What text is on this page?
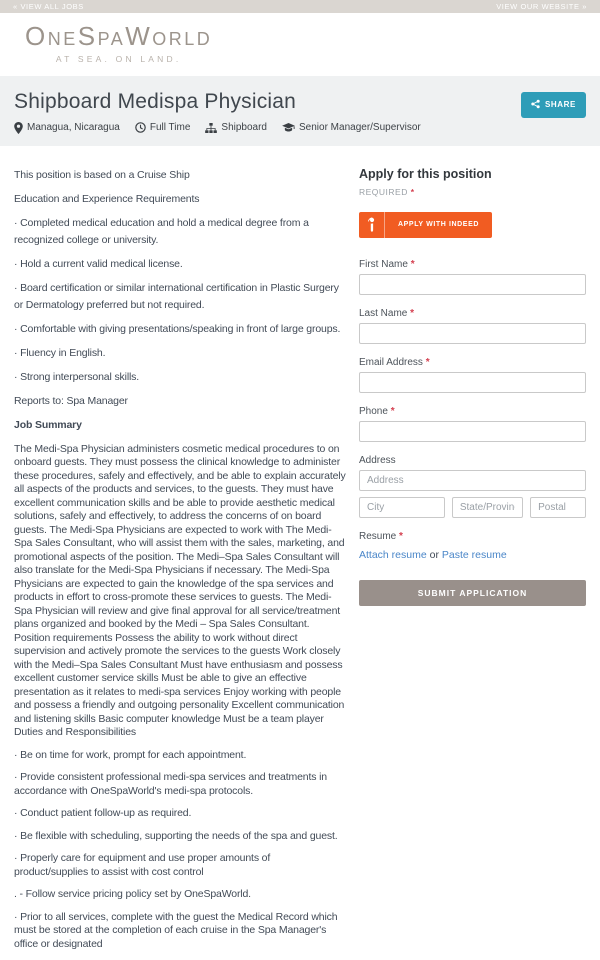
« VIEW ALL JOBS	VIEW OUR WEBSITE »
OneSpaWorld
AT SEA. ON LAND.
Shipboard Medispa Physician
Managua, Nicaragua	Full Time	Shipboard	Senior Manager/Supervisor
SHARE

This position is based on a Cruise Ship

Education and Experience Requirements

· Completed medical education and hold a medical degree from a recognized college or university.

· Hold a current valid medical license.

· Board certification or similar international certification in Plastic Surgery or Dermatology preferred but not required.

· Comfortable with giving presentations/speaking in front of large groups.

· Fluency in English.

· Strong interpersonal skills.

Reports to: Spa Manager

Job Summary

The Medi-Spa Physician administers cosmetic medical procedures to on onboard guests. They must possess the clinical knowledge to administer these procedures, safely and effectively, and be able to explain accurately all aspects of the products and services, to the guests. They must have excellent communication skills and be able to provide aesthetic medical solutions, safely and effectively, to address the concerns of on board guests. The Medi-Spa Physicians are expected to work with The Medi-Spa Sales Consultant, who will assist them with the sales, marketing, and promotional aspects of the position. The Medi–Spa Sales Consultant will also translate for the Medi-Spa Physicians if necessary. The Medi-Spa Physicians are expected to gain the knowledge of the spa services and products in effort to cross-promote these services to guests. The Medi-Spa Physician will review and give final approval for all service/treatment plans organized and booked by the Medi – Spa Sales Consultant. Position requirements Possess the ability to work without direct supervision and actively promote the services to the guests Work closely with the Medi–Spa Sales Consultant Must have enthusiasm and possess excellent customer service skills Must be able to give an effective presentation as it relates to medi-spa services Enjoy working with people and possess a friendly and outgoing personality Excellent communication and listening skills Basic computer knowledge Must be a team player Duties and Responsibilities

· Be on time for work, prompt for each appointment.

· Provide consistent professional medi-spa services and treatments in accordance with OneSpaWorld's medi-spa protocols.

· Conduct patient follow-up as required.

· Be flexible with scheduling, supporting the needs of the spa and guest.

· Properly care for equipment and use proper amounts of product/supplies to assist with cost control

. - Follow service pricing policy set by OneSpaWorld.

· Prior to all services, complete with the guest the Medical Record which must be stored at the completion of each cruise in the Spa Manager's office or designated

Apply for this position
REQUIRED *
APPLY WITH INDEED
First Name *
Last Name *
Email Address *
Phone *
Address
Address
City
State/Province
Postal
Resume *
Attach resume or Paste resume
SUBMIT APPLICATION
